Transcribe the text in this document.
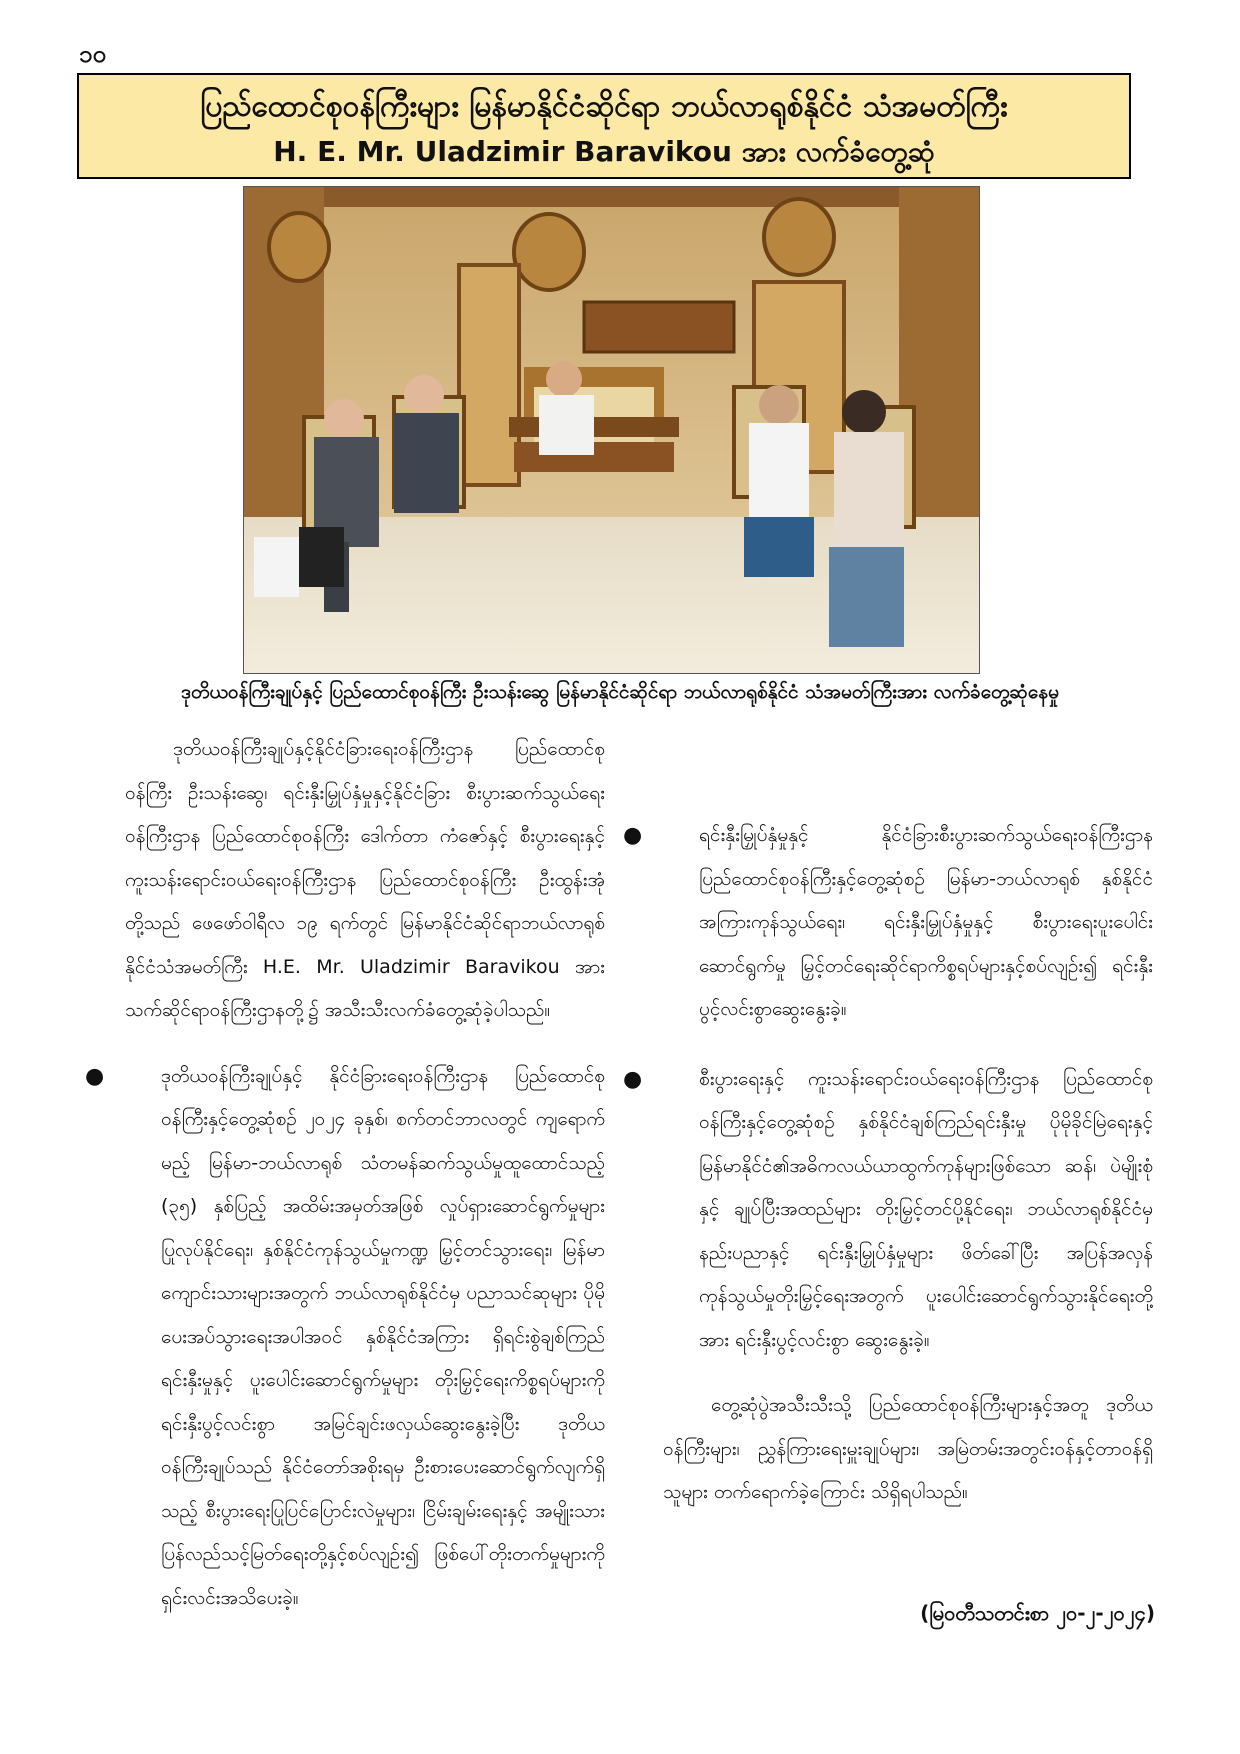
၁၀
ပြည်ထောင်စုဝန်ကြီးများ မြန်မာနိုင်ငံဆိုင်ရာ ဘယ်လာရုစ်နိုင်ငံ သံအမတ်ကြီး
H. E. Mr. Uladzimir Baravikou အား လက်ခံတွေ့ဆုံ
ဒုတိယဝန်ကြီးချုပ်နှင့် ပြည်ထောင်စုဝန်ကြီး ဦးသန်းဆွေ မြန်မာနိုင်ငံဆိုင်ရာ ဘယ်လာရုစ်နိုင်ငံ သံအမတ်ကြီးအား လက်ခံတွေ့ဆုံနေမှု

ဒုတိယဝန်ကြီးချုပ်နှင့်နိုင်ငံခြားရေးဝန်ကြီးဌာန ပြည်ထောင်စုဝန်ကြီး ဦးသန်းဆွေ၊ ရင်းနှီးမြှုပ်နှံမှုနှင့်နိုင်ငံခြား စီးပွားဆက်သွယ်ရေးဝန်ကြီးဌာန ပြည်ထောင်စုဝန်ကြီး ဒေါက်တာ ကံဇော်နှင့် စီးပွားရေးနှင့်ကူးသန်းရောင်းဝယ်ရေးဝန်ကြီးဌာန ပြည်ထောင်စုဝန်ကြီး ဦးထွန်းအုံတို့သည် ဖေဖော်ဝါရီလ ၁၉ ရက်တွင် မြန်မာနိုင်ငံဆိုင်ရာဘယ်လာရုစ် နိုင်ငံသံအမတ်ကြီး H.E. Mr. Uladzimir Baravikou အား သက်ဆိုင်ရာဝန်ကြီးဌာနတို့၌ အသီးသီးလက်ခံတွေ့ဆုံခဲ့ပါသည်။

●	ဒုတိယဝန်ကြီးချုပ်နှင့် နိုင်ငံခြားရေးဝန်ကြီးဌာန ပြည်ထောင်စုဝန်ကြီးနှင့်တွေ့ဆုံစဉ် ၂၀၂၄ ခုနှစ်၊ စက်တင်ဘာလတွင် ကျရောက်မည့် မြန်မာ-ဘယ်လာရုစ် သံတမန်ဆက်သွယ်မှုထူထောင်သည့် (၃၅) နှစ်ပြည့် အထိမ်းအမှတ်အဖြစ် လှုပ်ရှားဆောင်ရွက်မှုများ ပြုလုပ်နိုင်ရေး၊ နှစ်နိုင်ငံကုန်သွယ်မှုကဏ္ဍ မြှင့်တင်သွားရေး၊ မြန်မာကျောင်းသားများအတွက် ဘယ်လာရုစ်နိုင်ငံမှ ပညာသင်ဆုများ ပိုမိုပေးအပ်သွားရေးအပါအဝင် နှစ်နိုင်ငံအကြား ရှိရင်းစွဲချစ်ကြည်ရင်းနှီးမှုနှင့် ပူးပေါင်းဆောင်ရွက်မှုများ တိုးမြှင့်ရေးကိစ္စရပ်များကို ရင်းနှီးပွင့်လင်းစွာ အမြင်ချင်းဖလှယ်ဆွေးနွေးခဲ့ပြီး ဒုတိယဝန်ကြီးချုပ်သည် နိုင်ငံတော်အစိုးရမှ ဦးစားပေးဆောင်ရွက်လျက်ရှိသည့် စီးပွားရေးပြုပြင်ပြောင်းလဲမှုများ၊ ငြိမ်းချမ်းရေးနှင့် အမျိုးသားပြန်လည်သင့်မြတ်ရေးတို့နှင့်စပ်လျဉ်း၍ ဖြစ်ပေါ်တိုးတက်မှုများကို ရှင်းလင်းအသိပေးခဲ့။

●	ရင်းနှီးမြှုပ်နှံမှုနှင့် နိုင်ငံခြားစီးပွားဆက်သွယ်ရေးဝန်ကြီးဌာန ပြည်ထောင်စုဝန်ကြီးနှင့်တွေ့ဆုံစဉ် မြန်မာ-ဘယ်လာရုစ် နှစ်နိုင်ငံအကြားကုန်သွယ်ရေး၊ ရင်းနှီးမြှုပ်နှံမှုနှင့် စီးပွားရေးပူးပေါင်းဆောင်ရွက်မှု မြှင့်တင်ရေးဆိုင်ရာကိစ္စရပ်များနှင့်စပ်လျဉ်း၍ ရင်းနှီးပွင့်လင်းစွာဆွေးနွေးခဲ့။

●	စီးပွားရေးနှင့် ကူးသန်းရောင်းဝယ်ရေးဝန်ကြီးဌာန ပြည်ထောင်စုဝန်ကြီးနှင့်တွေ့ဆုံစဉ် နှစ်နိုင်ငံချစ်ကြည်ရင်းနှီးမှု ပိုမိုခိုင်မြဲရေးနှင့် မြန်မာနိုင်ငံ၏အဓိကလယ်ယာထွက်ကုန်များဖြစ်သော ဆန်၊ ပဲမျိုးစုံနှင့် ချုပ်ပြီးအထည်များ တိုးမြှင့်တင်ပို့နိုင်ရေး၊ ဘယ်လာရုစ်နိုင်ငံမှ နည်းပညာနှင့် ရင်းနှီးမြှုပ်နှံမှုများ ဖိတ်ခေါ်ပြီး အပြန်အလှန် ကုန်သွယ်မှုတိုးမြှင့်ရေးအတွက် ပူးပေါင်းဆောင်ရွက်သွားနိုင်ရေးတို့အား ရင်းနှီးပွင့်လင်းစွာ ဆွေးနွေးခဲ့။

တွေ့ဆုံပွဲအသီးသီးသို့ ပြည်ထောင်စုဝန်ကြီးများနှင့်အတူ ဒုတိယဝန်ကြီးများ၊ ညွှန်ကြားရေးမှူးချုပ်များ၊ အမြဲတမ်းအတွင်းဝန်နှင့်တာဝန်ရှိသူများ တက်ရောက်ခဲ့ကြောင်း သိရှိရပါသည်။

(မြဝတီသတင်းစာ ၂၀-၂-၂၀၂၄)
